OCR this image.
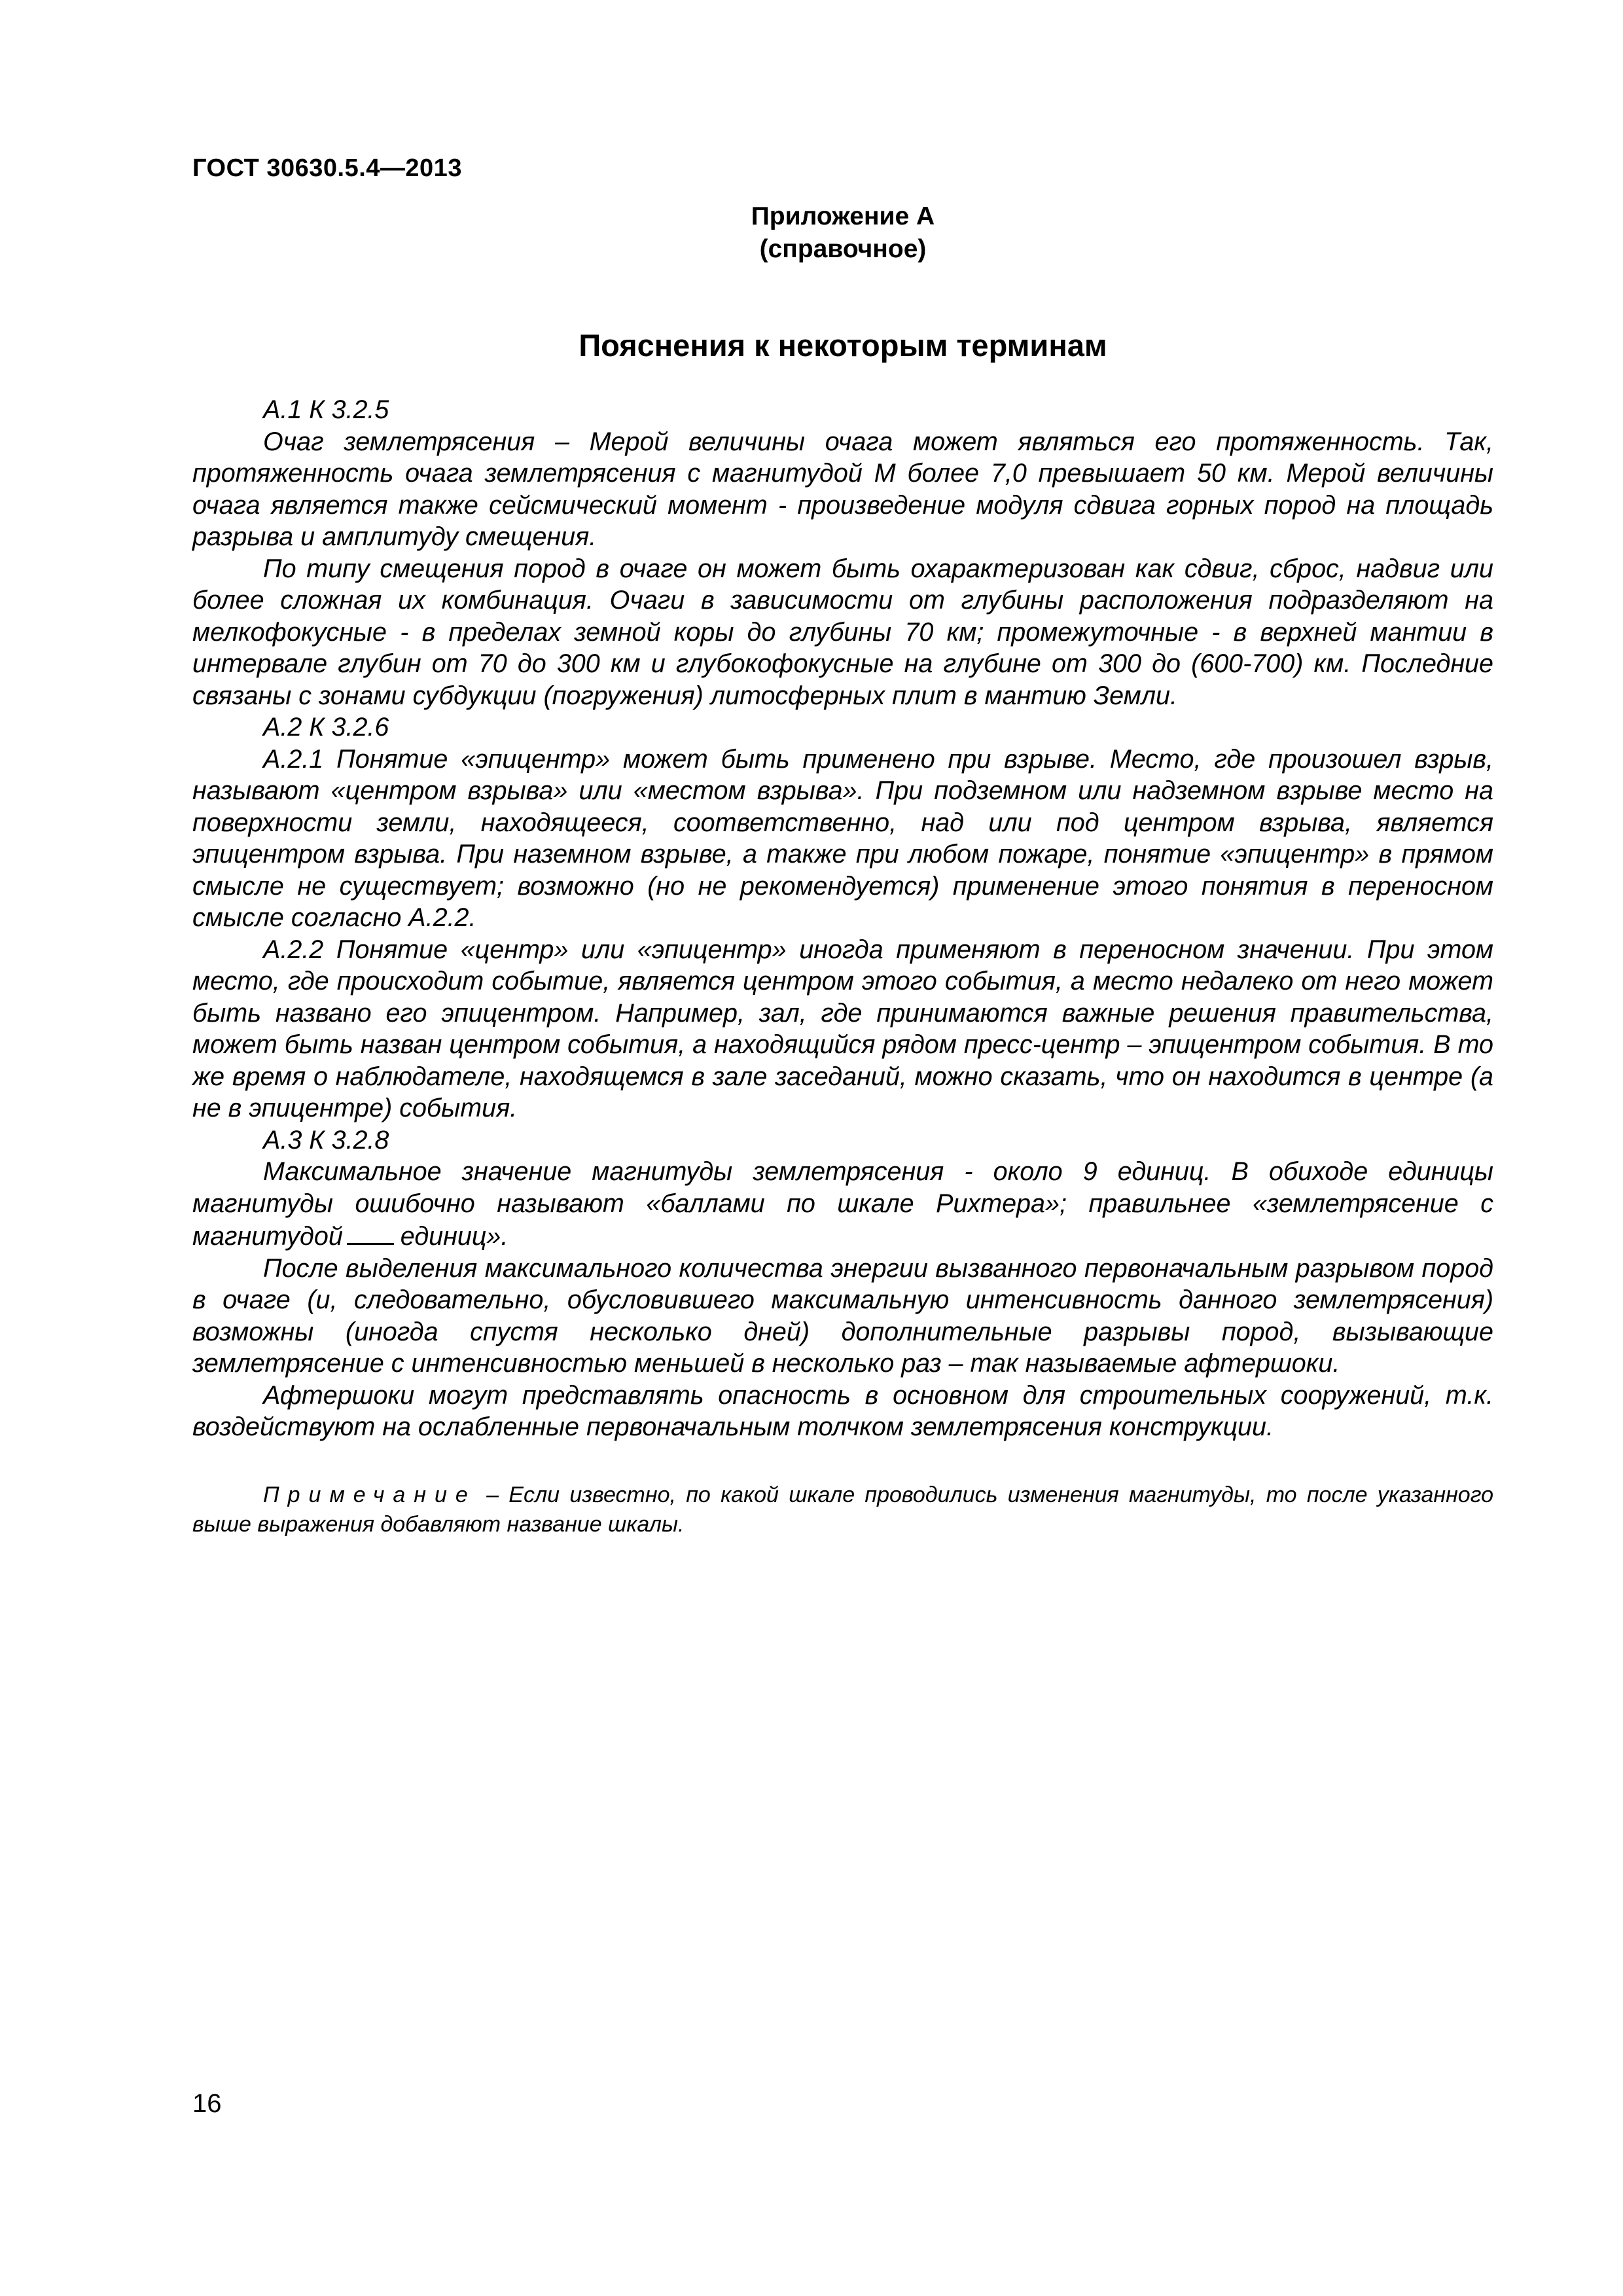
ГОСТ 30630.5.4—2013
Приложение А
(справочное)
Пояснения к некоторым терминам

А.1 К 3.2.5

Очаг землетрясения – Мерой величины очага может являться его протяженность. Так, протяженность очага землетрясения с магнитудой М более 7,0 превышает 50 км. Мерой величины очага является также сейсмический момент - произведение модуля сдвига горных пород на площадь разрыва и амплитуду смещения.

По типу смещения пород в очаге он может быть охарактеризован как сдвиг, сброс, надвиг или более сложная их комбинация. Очаги в зависимости от глубины расположения подразделяют на мелкофокусные - в пределах земной коры до глубины 70 км; промежуточные - в верхней мантии в интервале глубин от 70 до 300 км и глубокофокусные на глубине от 300 до (600-700) км. Последние связаны с зонами субдукции (погружения) литосферных плит в мантию Земли.

А.2 К 3.2.6

А.2.1 Понятие «эпицентр» может быть применено при взрыве. Место, где произошел взрыв, называют «центром взрыва» или «местом взрыва». При подземном или надземном взрыве место на поверхности земли, находящееся, соответственно, над или под центром взрыва, является эпицентром взрыва. При наземном взрыве, а также при любом пожаре, понятие «эпицентр» в прямом смысле не существует; возможно (но не рекомендуется) применение этого понятия в переносном смысле согласно А.2.2.

А.2.2 Понятие «центр» или «эпицентр» иногда применяют в переносном значении. При этом место, где происходит событие, является центром этого события, а место недалеко от него может быть названо его эпицентром. Например, зал, где принимаются важные решения правительства, может быть назван центром события, а находящийся рядом пресс-центр – эпицентром события. В то же время о наблюдателе, находящемся в зале заседаний, можно сказать, что он находится в центре (а не в эпицентре) события.

А.3 К 3.2.8

Максимальное значение магнитуды землетрясения - около 9 единиц. В обиходе единицы магнитуды ошибочно называют «баллами по шкале Рихтера»; правильнее «землетрясение с магнитудой единиц».

После выделения максимального количества энергии вызванного первоначальным разрывом пород в очаге (и, следовательно, обусловившего максимальную интенсивность данного землетрясения) возможны (иногда спустя несколько дней) дополнительные разрывы пород, вызывающие землетрясение с интенсивностью меньшей в несколько раз – так называемые афтершоки.

Афтершоки могут представлять опасность в основном для строительных сооружений, т.к. воздействуют на ослабленные первоначальным толчком землетрясения конструкции.

Примечание – Если известно, по какой шкале проводились изменения магнитуды, то после указанного выше выражения добавляют название шкалы.

16
